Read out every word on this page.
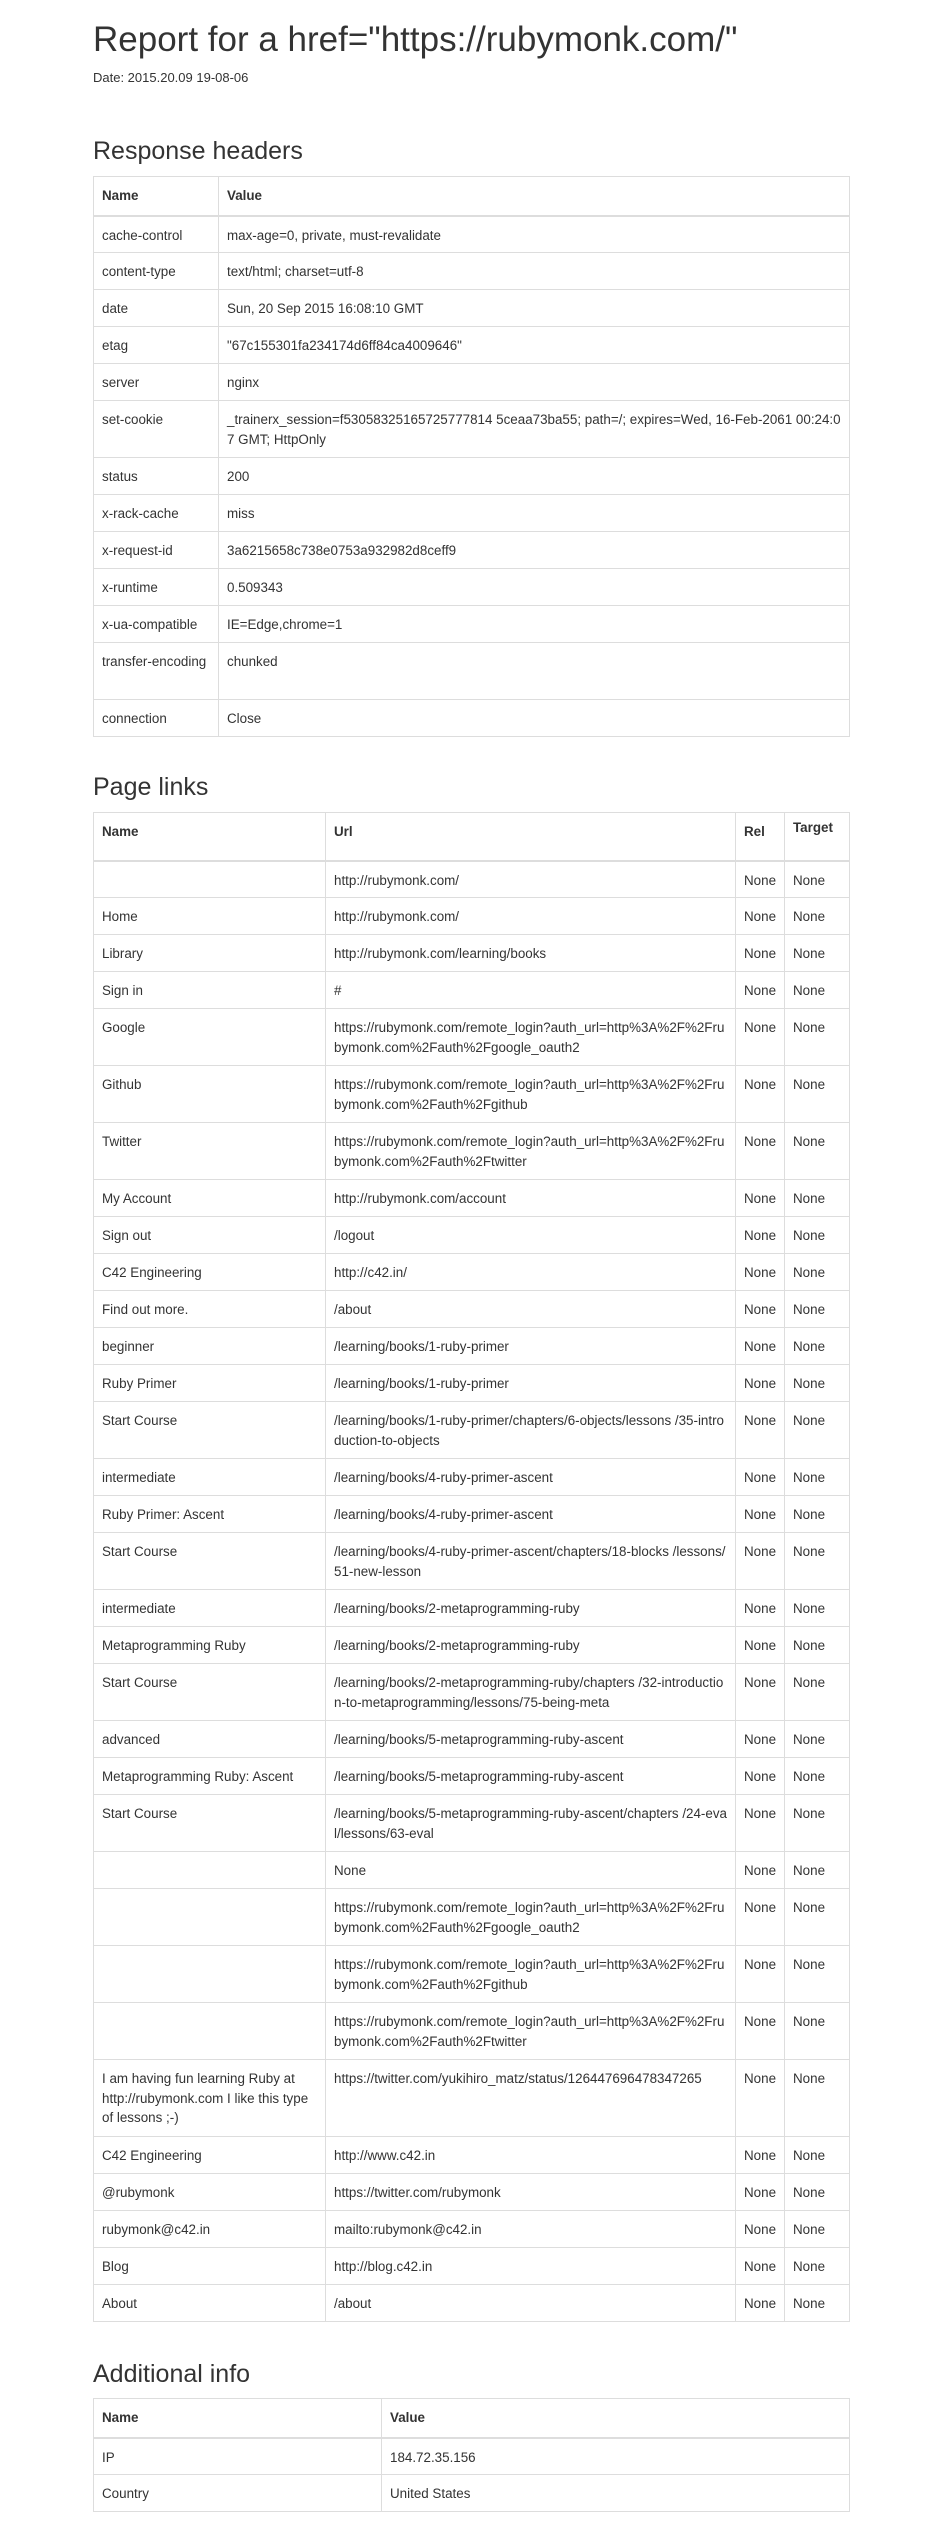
Report for a href="https://rubymonk.com/"
Date: 2015.20.09 19-08-06
Response headers
Name	Value
cache-control	max-age=0, private, must-revalidate
content-type	text/html; charset=utf-8
date	Sun, 20 Sep 2015 16:08:10 GMT
etag	"67c155301fa234174d6ff84ca4009646"
server	nginx
set-cookie	_trainerx_session=f53058325165725777814 5ceaa73ba55; path=/; expires=Wed, 16-Feb-2061 00:24:07 GMT; HttpOnly
status	200
x-rack-cache	miss
x-request-id	3a6215658c738e0753a932982d8ceff9
x-runtime	0.509343
x-ua-compatible	IE=Edge,chrome=1
transfer-encoding	chunked
connection	Close
Page links
Name	Url	Rel	Target
	http://rubymonk.com/	None	None
Home	http://rubymonk.com/	None	None
Library	http://rubymonk.com/learning/books	None	None
Sign in	#	None	None
Google	https://rubymonk.com/remote_login?auth_url=http%3A%2F%2Frubymonk.com%2Fauth%2Fgoogle_oauth2	None	None
Github	https://rubymonk.com/remote_login?auth_url=http%3A%2F%2Frubymonk.com%2Fauth%2Fgithub	None	None
Twitter	https://rubymonk.com/remote_login?auth_url=http%3A%2F%2Frubymonk.com%2Fauth%2Ftwitter	None	None
My Account	http://rubymonk.com/account	None	None
Sign out	/logout	None	None
C42 Engineering	http://c42.in/	None	None
Find out more.	/about	None	None
beginner	/learning/books/1-ruby-primer	None	None
Ruby Primer	/learning/books/1-ruby-primer	None	None
Start Course	/learning/books/1-ruby-primer/chapters/6-objects/lessons /35-introduction-to-objects	None	None
intermediate	/learning/books/4-ruby-primer-ascent	None	None
Ruby Primer: Ascent	/learning/books/4-ruby-primer-ascent	None	None
Start Course	/learning/books/4-ruby-primer-ascent/chapters/18-blocks /lessons/51-new-lesson	None	None
intermediate	/learning/books/2-metaprogramming-ruby	None	None
Metaprogramming Ruby	/learning/books/2-metaprogramming-ruby	None	None
Start Course	/learning/books/2-metaprogramming-ruby/chapters /32-introduction-to-metaprogramming/lessons/75-being-meta	None	None
advanced	/learning/books/5-metaprogramming-ruby-ascent	None	None
Metaprogramming Ruby: Ascent	/learning/books/5-metaprogramming-ruby-ascent	None	None
Start Course	/learning/books/5-metaprogramming-ruby-ascent/chapters /24-eval/lessons/63-eval	None	None
	None	None	None
	https://rubymonk.com/remote_login?auth_url=http%3A%2F%2Frubymonk.com%2Fauth%2Fgoogle_oauth2	None	None
	https://rubymonk.com/remote_login?auth_url=http%3A%2F%2Frubymonk.com%2Fauth%2Fgithub	None	None
	https://rubymonk.com/remote_login?auth_url=http%3A%2F%2Frubymonk.com%2Fauth%2Ftwitter	None	None
I am having fun learning Ruby at http://rubymonk.com I like this type of lessons ;-)	https://twitter.com/yukihiro_matz/status/126447696478347265	None	None
C42 Engineering	http://www.c42.in	None	None
@rubymonk	https://twitter.com/rubymonk	None	None
rubymonk@c42.in	mailto:rubymonk@c42.in	None	None
Blog	http://blog.c42.in	None	None
About	/about	None	None
Additional info
Name	Value
IP	184.72.35.156
Country	United States
